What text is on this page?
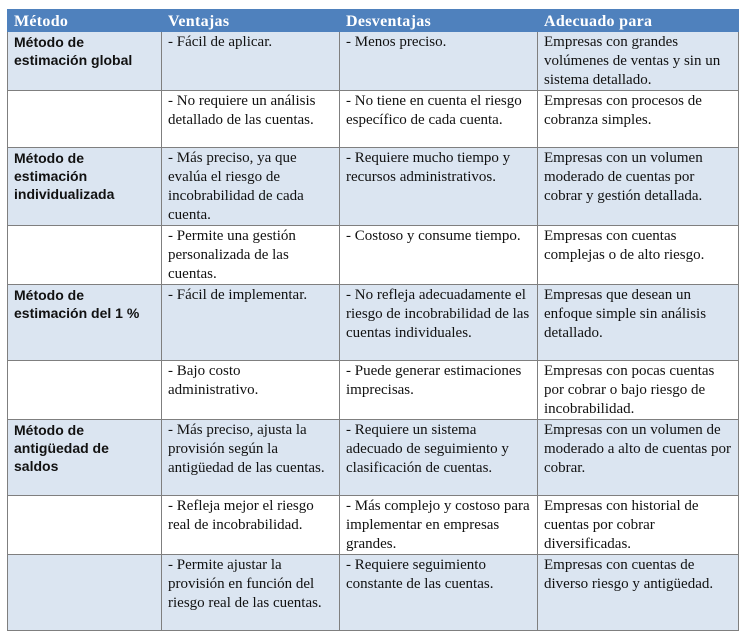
Método	Ventajas	Desventajas	Adecuado para
Método de estimación global	- Fácil de aplicar.	- Menos preciso.	Empresas con grandes volúmenes de ventas y sin un sistema detallado.
	- No requiere un análisis detallado de las cuentas.	- No tiene en cuenta el riesgo específico de cada cuenta.	Empresas con procesos de cobranza simples.
Método de estimación individualizada	- Más preciso, ya que evalúa el riesgo de incobrabilidad de cada cuenta.	- Requiere mucho tiempo y recursos administrativos.	Empresas con un volumen moderado de cuentas por cobrar y gestión detallada.
	- Permite una gestión personalizada de las cuentas.	- Costoso y consume tiempo.	Empresas con cuentas complejas o de alto riesgo.
Método de estimación del 1 %	- Fácil de implementar.	- No refleja adecuadamente el riesgo de incobrabilidad de las cuentas individuales.	Empresas que desean un enfoque simple sin análisis detallado.
	- Bajo costo administrativo.	- Puede generar estimaciones imprecisas.	Empresas con pocas cuentas por cobrar o bajo riesgo de incobrabilidad.
Método de antigüedad de saldos	- Más preciso, ajusta la provisión según la antigüedad de las cuentas.	- Requiere un sistema adecuado de seguimiento y clasificación de cuentas.	Empresas con un volumen de moderado a alto de cuentas por cobrar.
	- Refleja mejor el riesgo real de incobrabilidad.	- Más complejo y costoso para implementar en empresas grandes.	Empresas con historial de cuentas por cobrar diversificadas.
	- Permite ajustar la provisión en función del riesgo real de las cuentas.	- Requiere seguimiento constante de las cuentas.	Empresas con cuentas de diverso riesgo y antigüedad.
